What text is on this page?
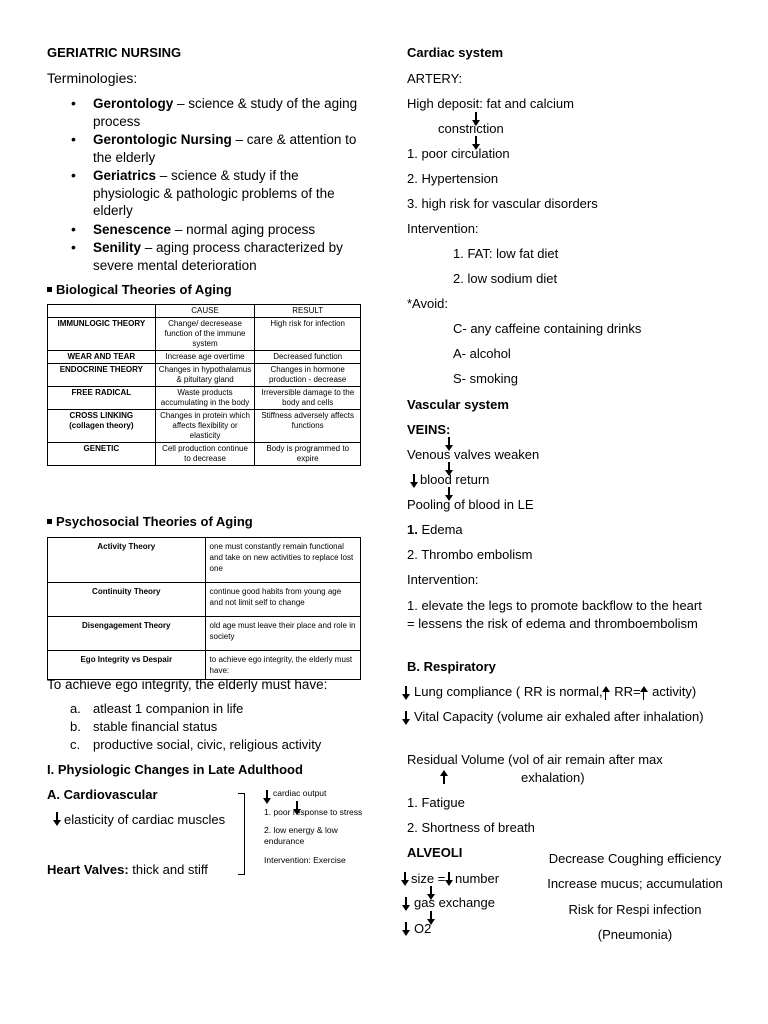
GERIATRIC NURSING
Terminologies:
• Gerontology – science & study of the aging process
• Gerontologic Nursing – care & attention to the elderly
• Geriatrics – science & study if the physiologic & pathologic problems of the elderly
• Senescence – normal aging process
• Senility – aging process characterized by severe mental deterioration
Biological Theories of Aging
	CAUSE	RESULT
IMMUNLOGIC THEORY	Change/ decresease function of the immune system	High risk for infection
WEAR AND TEAR	Increase age overtime	Decreased function
ENDOCRINE THEORY	Changes in hypothalamus & pituitary gland	Changes in hormone production - decrease
FREE RADICAL	Waste products accumulating in the body	Irreversible damage to the body and cells
CROSS LINKING (collagen theory)	Changes in protein which affects flexibility or elasticity	Stiffness adversely affects functions
GENETIC	Cell production continue to decrease	Body is programmed to expire
Psychosocial Theories of Aging
Activity Theory	one must constantly remain functional and take on new activities to replace lost one
Continuity Theory	continue good habits from young age and not limit self to change
Disengagement Theory	old age must leave their place and role in society
Ego Integrity vs Despair	to achieve ego integrity, the elderly must have:
To achieve ego integrity, the elderly must have:
a. atleast 1 companion in life
b. stable financial status
c. productive social, civic, religious activity
I. Physiologic Changes in Late Adulthood
A. Cardiovascular
elasticity of cardiac muscles
Heart Valves: thick and stiff
cardiac output
1. poor response to stress
2. low energy & low endurance
Intervention: Exercise
Cardiac system
ARTERY:
High deposit: fat and calcium
constriction
1. poor circulation
2. Hypertension
3. high risk for vascular disorders
Intervention:
1. FAT: low fat diet
2. low sodium diet
*Avoid:
C- any caffeine containing drinks
A- alcohol
S- smoking
Vascular system
VEINS:
Venous valves weaken
blood return
Pooling of blood in LE
1. Edema
2. Thrombo embolism
Intervention:
1. elevate the legs to promote backflow to the heart = lessens the risk of edema and thromboembolism
B. Respiratory
Lung compliance ( RR is normal,
RR=
activity)
Vital Capacity (volume air exhaled after inhalation)
Residual Volume (vol of air remain after max
exhalation)
1. Fatigue
2. Shortness of breath
ALVEOLI
size = number
gas exchange
O2
Decrease Coughing efficiency
Increase mucus; accumulation
Risk for Respi infection
(Pneumonia)
